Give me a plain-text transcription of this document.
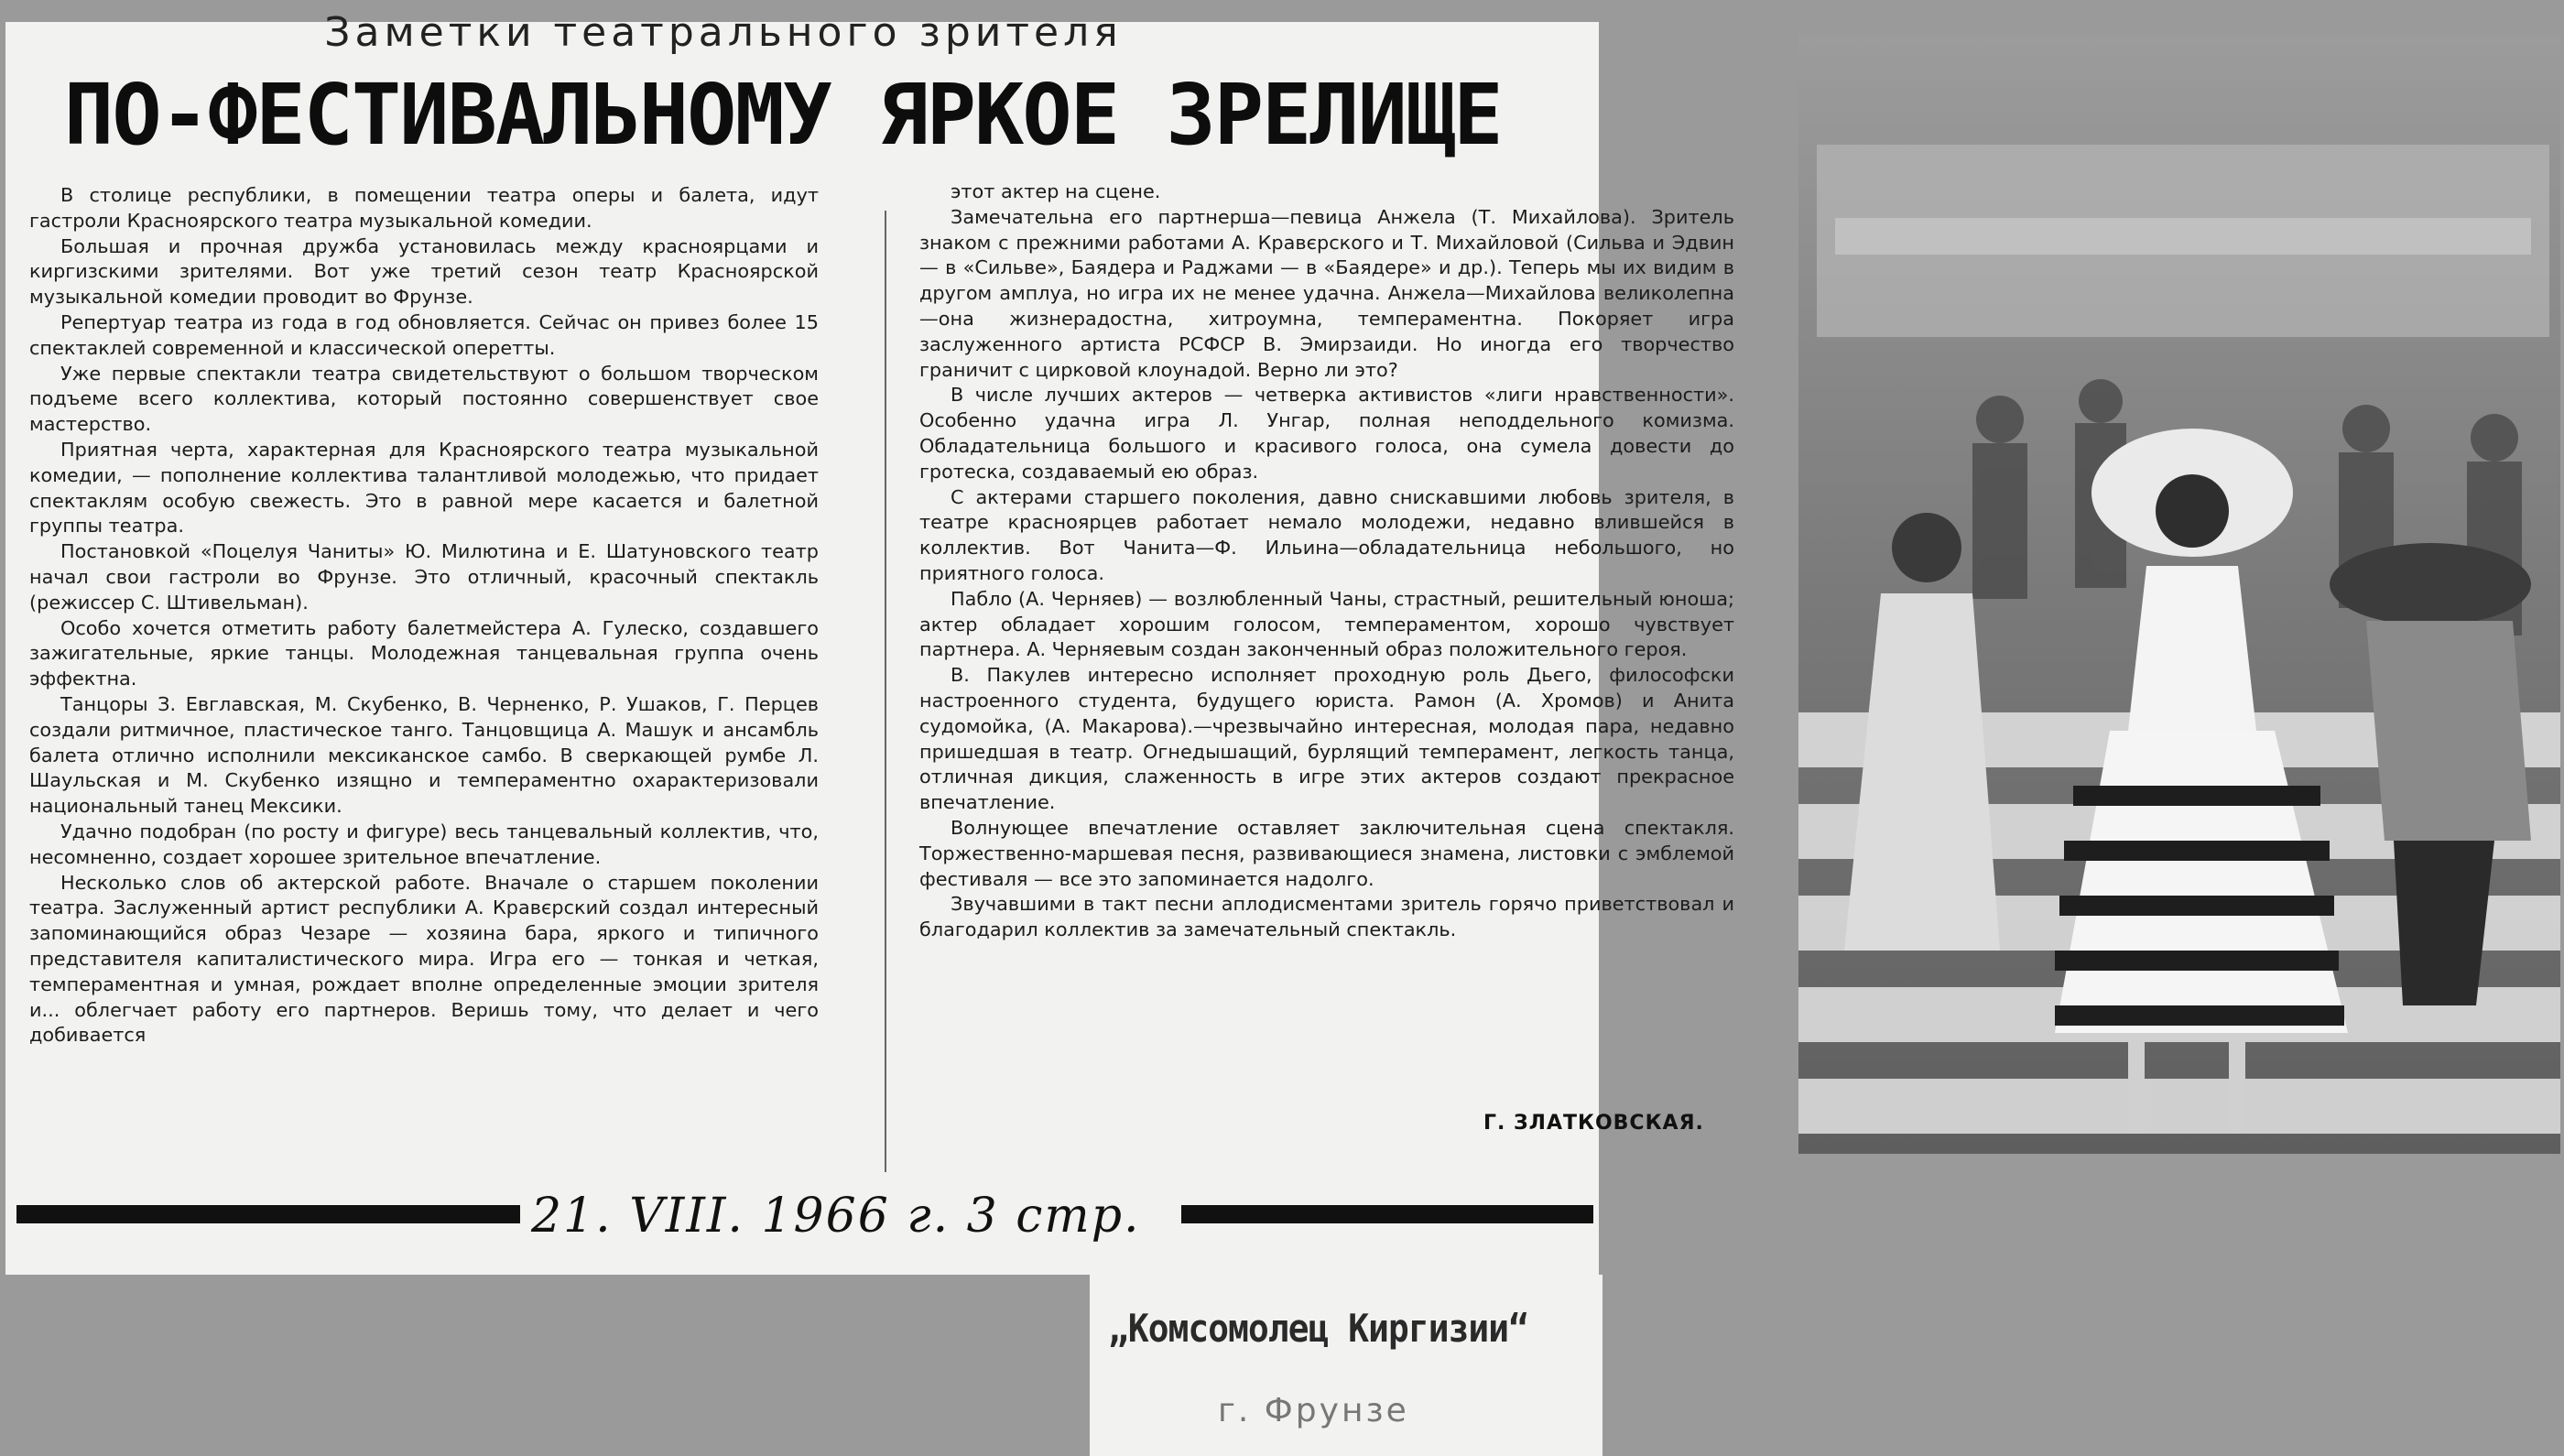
Заметки театрального зрителя
ПО-ФЕСТИВАЛЬНОМУ ЯРКОЕ ЗРЕЛИЩЕ

В столице республики, в помещении театра оперы и балета, идут гастроли Красноярского театра музыкальной комедии.

Большая и прочная дружба установилась между красноярцами и киргизскими зрителями. Вот уже третий сезон театр Красноярской музыкальной комедии проводит во Фрунзе.

Репертуар театра из года в год обновляется. Сейчас он привез более 15 спектаклей современной и классической оперетты.

Уже первые спектакли театра свидетельствуют о большом творческом подъеме всего коллектива, который постоянно совершенствует свое мастерство.

Приятная черта, характерная для Красноярского театра музыкальной комедии, — пополнение коллектива талантливой молодежью, что придает спектаклям особую свежесть. Это в равной мере касается и балетной группы театра.

Постановкой «Поцелуя Чаниты» Ю. Милютина и Е. Шатуновского театр начал свои гастроли во Фрунзе. Это отличный, красочный спектакль (режиссер С. Штивельман).

Особо хочется отметить работу балетмейстера А. Гулеско, создавшего зажигательные, яркие танцы. Молодежная танцевальная группа очень эффектна.

Танцоры З. Евглавская, М. Скубенко, В. Черненко, Р. Ушаков, Г. Перцев создали ритмичное, пластическое танго. Танцовщица А. Машук и ансамбль балета отлично исполнили мексиканское самбо. В сверкающей румбе Л. Шаульская и М. Скубенко изящно и темпераментно охарактеризовали национальный танец Мексики.

Удачно подобран (по росту и фигуре) весь танцевальный коллектив, что, несомненно, создает хорошее зрительное впечатление.

Несколько слов об актерской работе. Вначале о старшем поколении театра. Заслуженный артист республики А. Кравєрский создал интересный запоминающийся образ Чезаре — хозяина бара, яркого и типичного представителя капиталистического мира. Игра его — тонкая и четкая, темпераментная и умная, рождает вполне определенные эмоции зрителя и... облегчает работу его партнеров. Веришь тому, что делает и чего добивается

этот актер на сцене.

Замечательна его партнерша—певица Анжела (Т. Михайлова). Зритель знаком с прежними работами А. Кравєрского и Т. Михайловой (Сильва и Эдвин — в «Сильве», Баядера и Раджами — в «Баядере» и др.). Теперь мы их видим в другом амплуа, но игра их не менее удачна. Анжела—Михайлова великолепна—она жизнерадостна, хитроумна, темпераментна. Покоряет игра заслуженного артиста РСФСР В. Эмирзаиди. Но иногда его творчество граничит с цирковой клоунадой. Верно ли это?

В числе лучших актеров — четверка активистов «лиги нравственности». Особенно удачна игра Л. Унгар, полная неподдельного комизма. Обладательница большого и красивого голоса, она сумела довести до гротеска, создаваемый ею образ.

С актерами старшего поколения, давно снискавшими любовь зрителя, в театре красноярцев работает немало молодежи, недавно влившейся в коллектив. Вот Чанита—Ф. Ильина—обладательница небольшого, но приятного голоса.

Пабло (А. Черняев) — возлюбленный Чаны, страстный, решительный юноша; актер обладает хорошим голосом, темпераментом, хорошо чувствует партнера. А. Черняевым создан законченный образ положительного героя.

В. Пакулев интересно исполняет проходную роль Дьего, философски настроенного студента, будущего юриста. Рамон (А. Хромов) и Анита судомойка, (А. Макарова).—чрезвычайно интересная, молодая пара, недавно пришедшая в театр. Огнедышащий, бурлящий темперамент, легкость танца, отличная дикция, слаженность в игре этих актеров создают прекрасное впечатление.

Волнующее впечатление оставляет заключительная сцена спектакля. Торжественно-маршевая песня, развивающиеся знамена, листовки с эмблемой фестиваля — все это запоминается надолго.

Звучавшими в такт песни аплодисментами зритель горячо приветствовал и благодарил коллектив за замечательный спектакль.

Г. ЗЛАТКОВСКАЯ.
21. VIII. 1966 г. 3 стр.
„Комсомолец Киргизии“
г. Фрунзе
